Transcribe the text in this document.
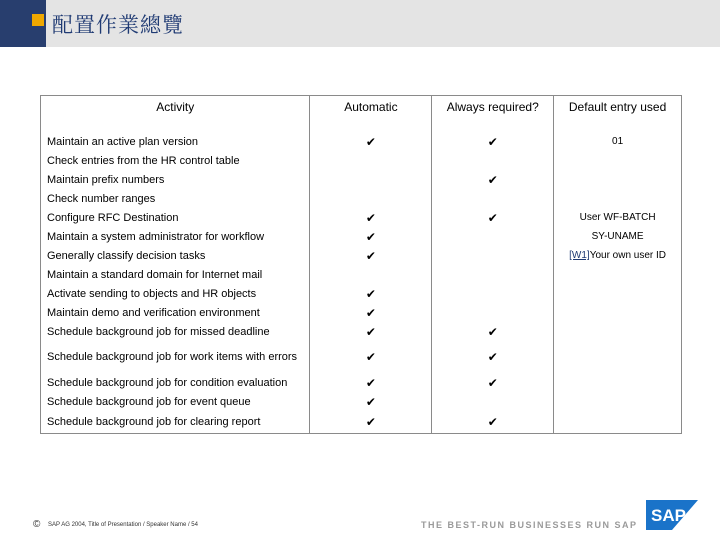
配置作業總覽
Activity	Automatic	Always required?	Default entry used
Maintain an active plan version	✔	✔	01
Check entries from the HR control table			
Maintain prefix numbers		✔	
Check number ranges			
Configure RFC Destination	✔	✔	User WF-BATCH
Maintain a system administrator for workflow	✔		SY-UNAME
Generally classify decision tasks	✔		[W1]Your own user ID
Maintain a standard domain for Internet mail			
Activate sending to objects and HR objects	✔		
Maintain demo and verification environment	✔		
Schedule background job for missed deadline	✔	✔	
Schedule background job for work items with errors	✔	✔	
Schedule background job for condition evaluation	✔	✔	
Schedule background job for event queue	✔		
Schedule background job for clearing report	✔	✔	
© SAP AG 2004, Title of Presentation / Speaker Name / 54	THE BEST-RUN BUSINESSES RUN SAP SAP
